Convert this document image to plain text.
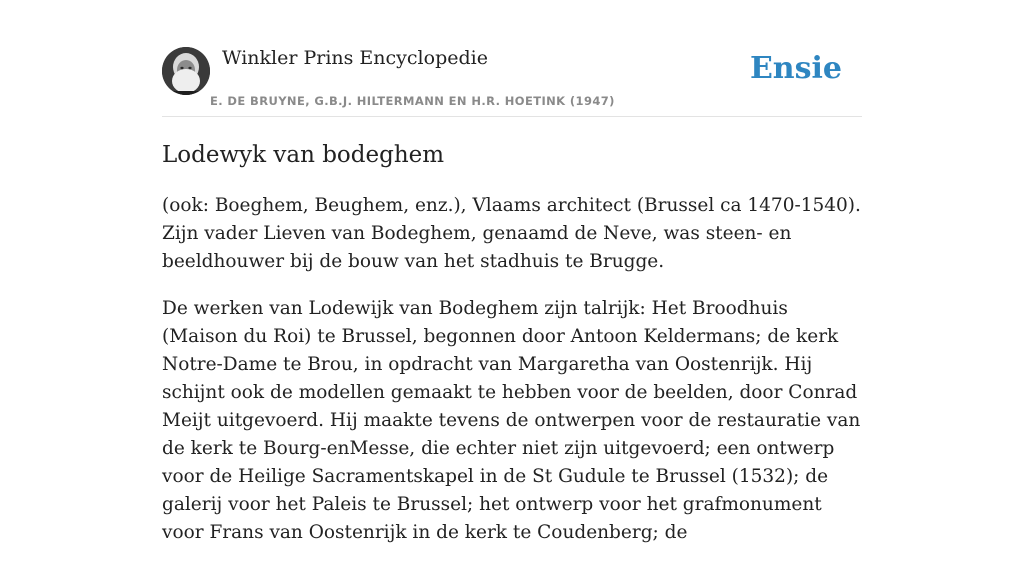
Winkler Prins Encyclopedie
E. DE BRUYNE, G.B.J. HILTERMANN EN H.R. HOETINK (1947)
Ensie
Lodewyk van bodeghem

(ook: Boeghem, Beughem, enz.), Vlaams architect (Brussel ca 1470-1540). Zijn vader Lieven van Bodeghem, genaamd de Neve, was steen- en beeldhouwer bij de bouw van het stadhuis te Brugge.

De werken van Lodewijk van Bodeghem zijn talrijk: Het Broodhuis (Maison du Roi) te Brussel, begonnen door Antoon Keldermans; de kerk Notre-Dame te Brou, in opdracht van Margaretha van Oostenrijk. Hij schijnt ook de modellen gemaakt te hebben voor de beelden, door Conrad Meijt uitgevoerd. Hij maakte tevens de ontwerpen voor de restauratie van de kerk te Bourg-enMesse, die echter niet zijn uitgevoerd; een ontwerp voor de Heilige Sacramentskapel in de St Gudule te Brussel (1532); de galerij voor het Paleis te Brussel; het ontwerp voor het grafmonument voor Frans van Oostenrijk in de kerk te Coudenberg; de
